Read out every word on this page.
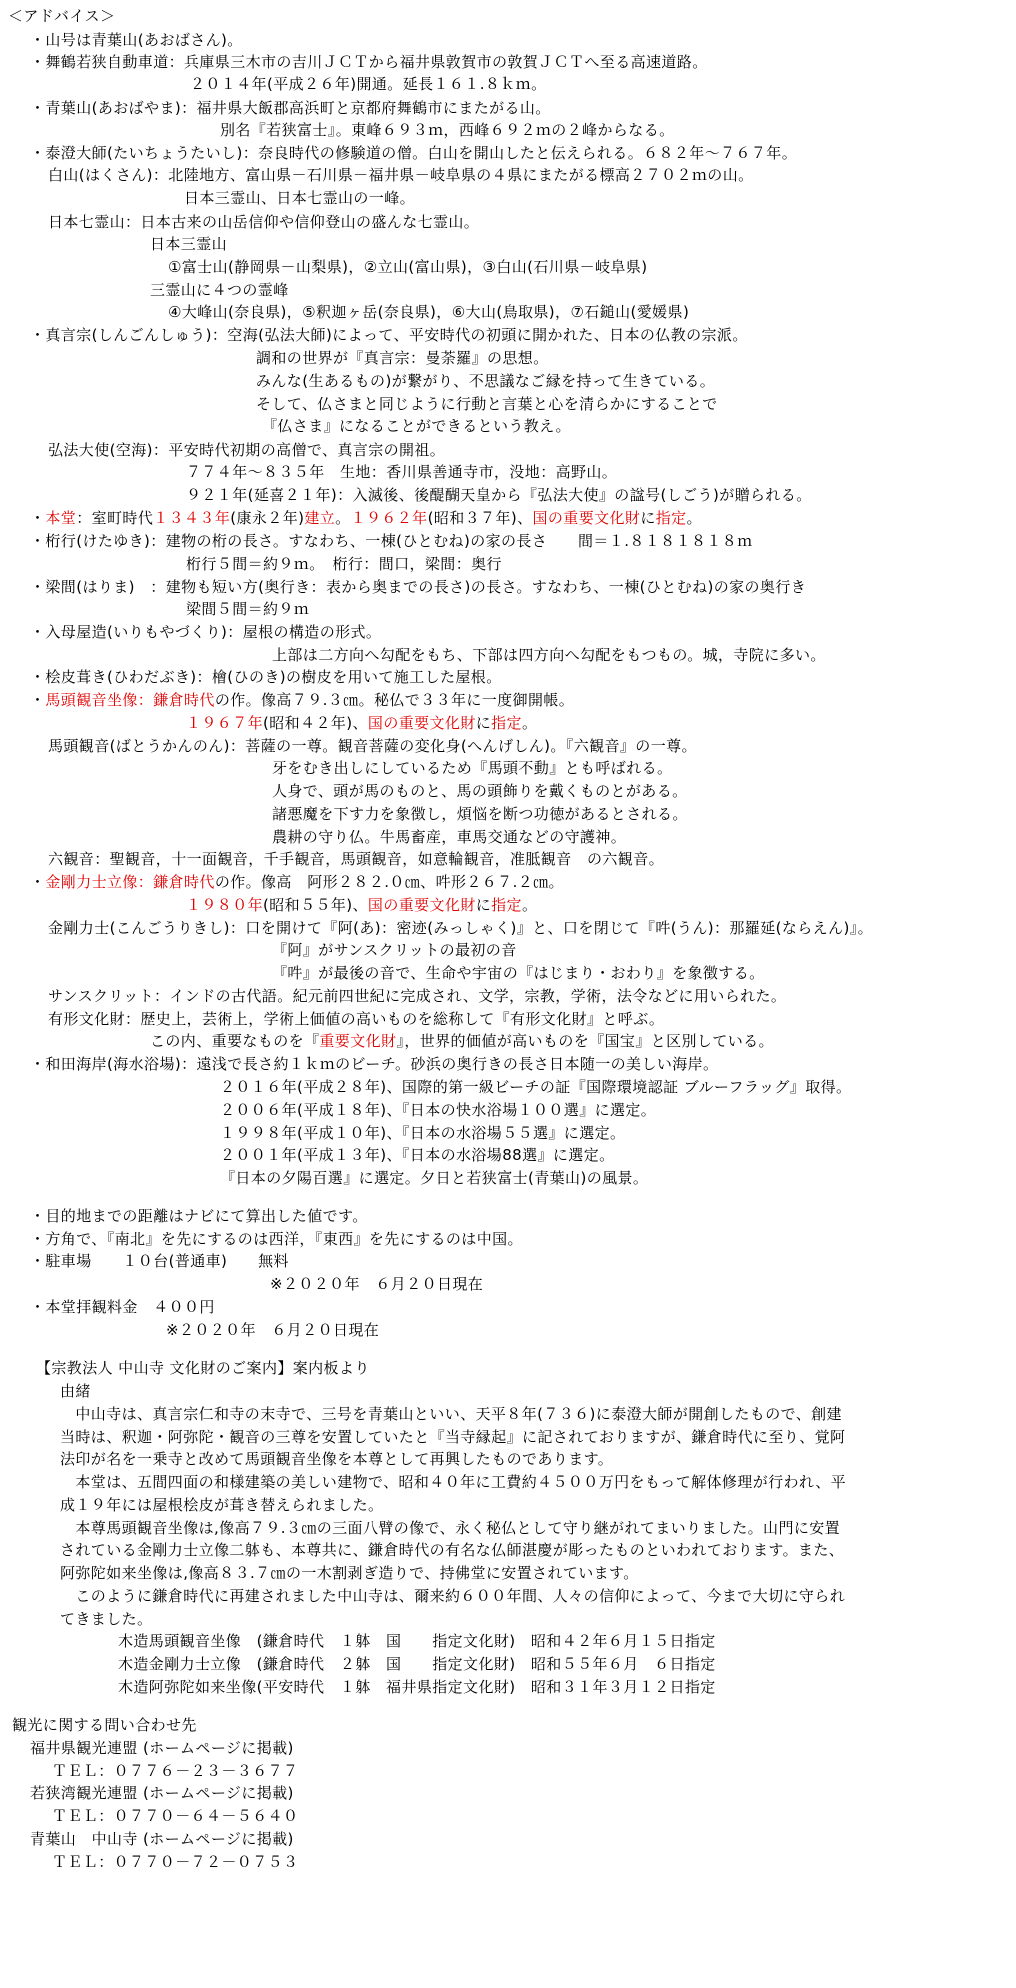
＜アドバイス＞
・山号は青葉山(あおばさん)。
・舞鶴若狭自動車道：兵庫県三木市の吉川ＪＣＴから福井県敦賀市の敦賀ＪＣＴへ至る高速道路。
２０１４年(平成２６年)開通。延長１６１.８ｋｍ。
・青葉山(あおばやま)：福井県大飯郡高浜町と京都府舞鶴市にまたがる山。
別名『若狭富士』。東峰６９３ｍ，西峰６９２ｍの２峰からなる。
・泰澄大師(たいちょうたいし)：奈良時代の修験道の僧。白山を開山したと伝えられる。６８２年～７６７年。
白山(はくさん)：北陸地方、富山県－石川県－福井県－岐阜県の４県にまたがる標高２７０２ｍの山。
日本三霊山、日本七霊山の一峰。
日本七霊山：日本古来の山岳信仰や信仰登山の盛んな七霊山。
日本三霊山
①富士山(静岡県－山梨県)，②立山(富山県)，③白山(石川県－岐阜県)
三霊山に４つの霊峰
④大峰山(奈良県)，⑤釈迦ヶ岳(奈良県)，⑥大山(鳥取県)，⑦石鎚山(愛媛県)
・真言宗(しんごんしゅう)：空海(弘法大師)によって、平安時代の初頭に開かれた、日本の仏教の宗派。
調和の世界が『真言宗：曼荼羅』の思想。
みんな(生あるもの)が繋がり、不思議なご縁を持って生きている。
そして、仏さまと同じように行動と言葉と心を清らかにすることで
『仏さま』になることができるという教え。
弘法大使(空海)：平安時代初期の高僧で、真言宗の開祖。
７７４年～８３５年　生地：香川県善通寺市，没地：高野山。
９２１年(延喜２１年)：入滅後、後醍醐天皇から『弘法大使』の諡号(しごう)が贈られる。
・本堂：室町時代１３４３年(康永２年)建立。１９６２年(昭和３７年)、国の重要文化財に指定。
・桁行(けたゆき)：建物の桁の長さ。すなわち、一棟(ひとむね)の家の長さ　　間＝１.８１８１８１８ｍ
桁行５間＝約９ｍ。　桁行：間口，梁間：奥行
・梁間(はりま)　：建物も短い方(奥行き：表から奥までの長さ)の長さ。すなわち、一棟(ひとむね)の家の奥行き
梁間５間＝約９ｍ
・入母屋造(いりもやづくり)：屋根の構造の形式。
上部は二方向へ勾配をもち、下部は四方向へ勾配をもつもの。城，寺院に多い。
・桧皮葺き(ひわだぶき)：檜(ひのき)の樹皮を用いて施工した屋根。
・馬頭観音坐像：鎌倉時代の作。像高７９.３㎝。秘仏で３３年に一度御開帳。
１９６７年(昭和４２年)、国の重要文化財に指定。
馬頭観音(ばとうかんのん)：菩薩の一尊。観音菩薩の変化身(へんげしん)。『六観音』の一尊。
牙をむき出しにしているため『馬頭不動』とも呼ばれる。
人身で、頭が馬のものと、馬の頭飾りを戴くものとがある。
諸悪魔を下す力を象徴し，煩悩を断つ功徳があるとされる。
農耕の守り仏。牛馬畜産，車馬交通などの守護神。
六観音：聖観音，十一面観音，千手観音，馬頭観音，如意輪観音，准胝観音　の六観音。
・金剛力士立像：鎌倉時代の作。像高　阿形２８２.０㎝、吽形２６７.２㎝。
１９８０年(昭和５５年)、国の重要文化財に指定。
金剛力士(こんごうりきし)：口を開けて『阿(あ)：密迹(みっしゃく)』と、口を閉じて『吽(うん)：那羅延(ならえん)』。
『阿』がサンスクリットの最初の音
『吽』が最後の音で、生命や宇宙の『はじまり・おわり』を象徴する。
サンスクリット：インドの古代語。紀元前四世紀に完成され、文学，宗教，学術，法令などに用いられた。
有形文化財：歴史上，芸術上，学術上価値の高いものを総称して『有形文化財』と呼ぶ。
この内、重要なものを『重要文化財』，世界的価値が高いものを『国宝』と区別している。
・和田海岸(海水浴場)：遠浅で長さ約１ｋｍのビーチ。砂浜の奥行きの長さ日本随一の美しい海岸。
２０１６年(平成２８年)、国際的第一級ビーチの証『国際環境認証 ブルーフラッグ』取得。
２００６年(平成１８年)、『日本の快水浴場１００選』に選定。
１９９８年(平成１０年)、『日本の水浴場５５選』に選定。
２００１年(平成１３年)、『日本の水浴場88選』に選定。
『日本の夕陽百選』に選定。夕日と若狭富士(青葉山)の風景。
・目的地までの距離はナビにて算出した値です。
・方角で、『南北』を先にするのは西洋，『東西』を先にするのは中国。
・駐車場　　１０台(普通車)　　無料
※２０２０年　６月２０日現在
・本堂拝観料金　４００円
※２０２０年　６月２０日現在
【宗教法人 中山寺 文化財のご案内】案内板より
由緒
　中山寺は、真言宗仁和寺の末寺で、三号を青葉山といい、天平８年(７３６)に泰澄大師が開創したもので、創建
当時は、釈迦・阿弥陀・観音の三尊を安置していたと『当寺縁起』に記されておりますが、鎌倉時代に至り、覚阿
法印が名を一乗寺と改めて馬頭観音坐像を本尊として再興したものであります。
　本堂は、五間四面の和様建築の美しい建物で、昭和４０年に工費約４５００万円をもって解体修理が行われ、平
成１９年には屋根桧皮が葺き替えられました。
　本尊馬頭観音坐像は,像高７９.３㎝の三面八臂の像で、永く秘仏として守り継がれてまいりました。山門に安置
されている金剛力士立像二躰も、本尊共に、鎌倉時代の有名な仏師湛慶が彫ったものといわれております。また、
阿弥陀如来坐像は,像高８３.７㎝の一木割剥ぎ造りで、持佛堂に安置されています。
　このように鎌倉時代に再建されました中山寺は、爾来約６００年間、人々の信仰によって、今まで大切に守られ
てきました。
木造馬頭観音坐像　(鎌倉時代　１躰　国　　指定文化財)　昭和４２年６月１５日指定
木造金剛力士立像　(鎌倉時代　２躰　国　　指定文化財)　昭和５５年６月　６日指定
木造阿弥陀如来坐像(平安時代　１躰　福井県指定文化財)　昭和３１年３月１２日指定
観光に関する問い合わせ先
福井県観光連盟 (ホームページに掲載)
ＴＥＬ：０７７６－２３－３６７７
若狭湾観光連盟 (ホームページに掲載)
ＴＥＬ：０７７０－６４－５６４０
青葉山　中山寺 (ホームページに掲載)
ＴＥＬ：０７７０－７２－０７５３
